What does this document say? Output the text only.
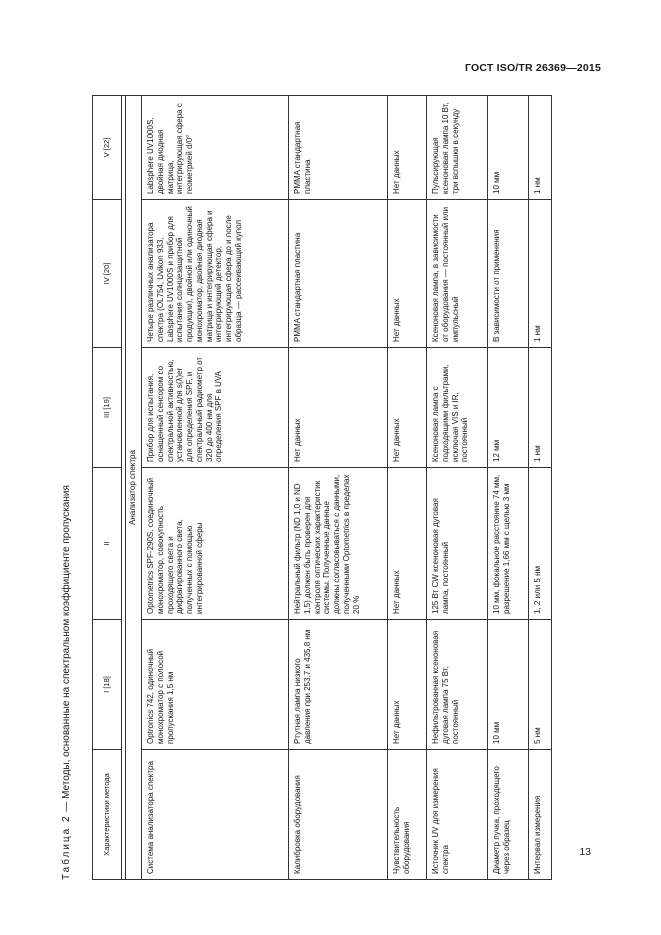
ГОСТ ISO/TR 26369—2015
Таблица 2 — Методы, основанные на спектральном коэффициенте пропускания
Характеристики метода	I [18]	II	III [19]	IV [20]	V [22]

Анализатор спектра					
Система анализатора спектра	Optronics 742, одиночный монохроматор с полосой пропускания 1,5 нм	Optometrics SPF-290S, соединочный монохроматор, совокупность проходящего света и дифрагированного света, полученных с помощью интегрированной сферы	Прибор для испытания, оснащенный сенсором со спектральной активностью, установленной для s(λ)er для определения SPF, и спектральный радиометр от 320 до 400 нм для определения SPF в UVA	Четыре различных анализатора спектра (OL754, Uvikon 933, Labsphere UV1000S и прибор для испытания солнцезащитной продукции), двойной или одиночный монохроматор, двойная диодная матрица и интегрирующая сфера и интегрирующий детектор, интегрирующая сфера до и после образца — рассеивающий купол	Labsphere UV1000S, двойная диодная матрица, интегрирующая сфера с геометрией d/0°
Калибровка оборудования	Ртутная лампа низкого давления при 253,7 и 435,8 нм	Нейтральный фильтр (ND 1,0 и ND 1,5) должен быть проверен для контроля оптических характеристик системы. Полученные данные должны согласовываться с данными, полученными Optometrics в пределах 20 %	Нет данных	PMMA стандартная пластина	PMMA стандартная пластина
Чувствительность оборудования	Нет данных	Нет данных	Нет данных	Нет данных	Нет данных
Источник UV для измерения спектра	Нефильтрованная ксеноновая дуговая лампа 75 Вт, постоянный	125 Вт CW ксеноновая дуговая лампа, постоянный	Ксеноновая лампа с подходящими фильтрами, исключая VIS и IR, постоянный	Ксеноновая лампа, в зависимости от оборудования — постоянный или импульсный	Пульсирующая ксеноновая лампа 10 Вт, три вспышки в секунду
Диаметр пучка, проходящего через образец	10 мм	10 мм, фокальное расстояние 74 мм, разрешение 1,66 мм с щелью 3 мм	12 мм	В зависимости от применения	10 мм
Интервал измерения	5 нм	1, 2 или 5 нм	1 нм	1 нм	1 нм
13
